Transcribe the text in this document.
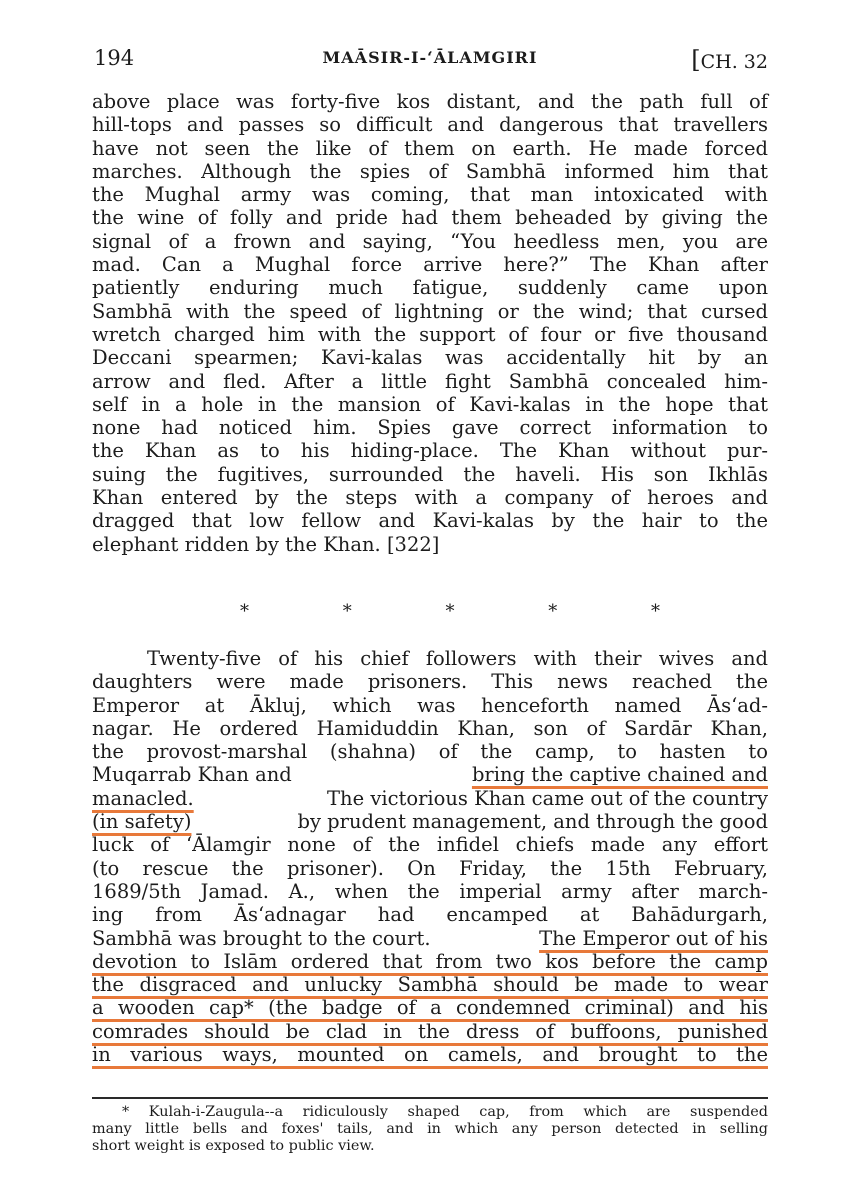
194	MAĀSIR-I-‘ĀLAMGIRI	[CH. 32
above place was forty-five kos distant, and the path full of
hill-tops and passes so difficult and dangerous that travellers
have not seen the like of them on earth. He made forced
marches. Although the spies of Sambhā informed him that
the Mughal army was coming, that man intoxicated with
the wine of folly and pride had them beheaded by giving the
signal of a frown and saying, “You heedless men, you are
mad. Can a Mughal force arrive here?” The Khan after
patiently enduring much fatigue, suddenly came upon
Sambhā with the speed of lightning or the wind; that cursed
wretch charged him with the support of four or five thousand
Deccani spearmen; Kavi-kalas was accidentally hit by an
arrow and fled. After a little fight Sambhā concealed him-
self in a hole in the mansion of Kavi-kalas in the hope that
none had noticed him. Spies gave correct information to
the Khan as to his hiding-place. The Khan without pur-
suing the fugitives, surrounded the haveli. His son Ikhlās
Khan entered by the steps with a company of heroes and
dragged that low fellow and Kavi-kalas by the hair to the
elephant ridden by the Khan. [322]
*	*	*	*	*
Twenty-five of his chief followers with their wives and
daughters were made prisoners. This news reached the
Emperor at Ākluj, which was henceforth named Ās‘ad-
nagar. He ordered Hamiduddin Khan, son of Sardār Khan,
the provost-marshal (shahna) of the camp, to hasten to
Muqarrab Khan and	bring the captive chained and
manacled.	The victorious Khan came out of the country
(in safety)	by prudent management, and through the good
luck of ‘Ālamgir none of the infidel chiefs made any effort
(to rescue the prisoner). On Friday, the 15th February,
1689/5th Jamad. A., when the imperial army after march-
ing from Ās‘adnagar had encamped at Bahādurgarh,
Sambhā was brought to the court.	The Emperor out of his
devotion to Islām ordered that from two kos before the camp
the disgraced and unlucky Sambhā should be made to wear
a wooden cap* (the badge of a condemned criminal) and his
comrades should be clad in the dress of buffoons, punished
in various ways, mounted on camels, and brought to the
* Kulah-i-Zaugula--a ridiculously shaped cap, from which are suspended
many little bells and foxes' tails, and in which any person detected in selling
short weight is exposed to public view.
